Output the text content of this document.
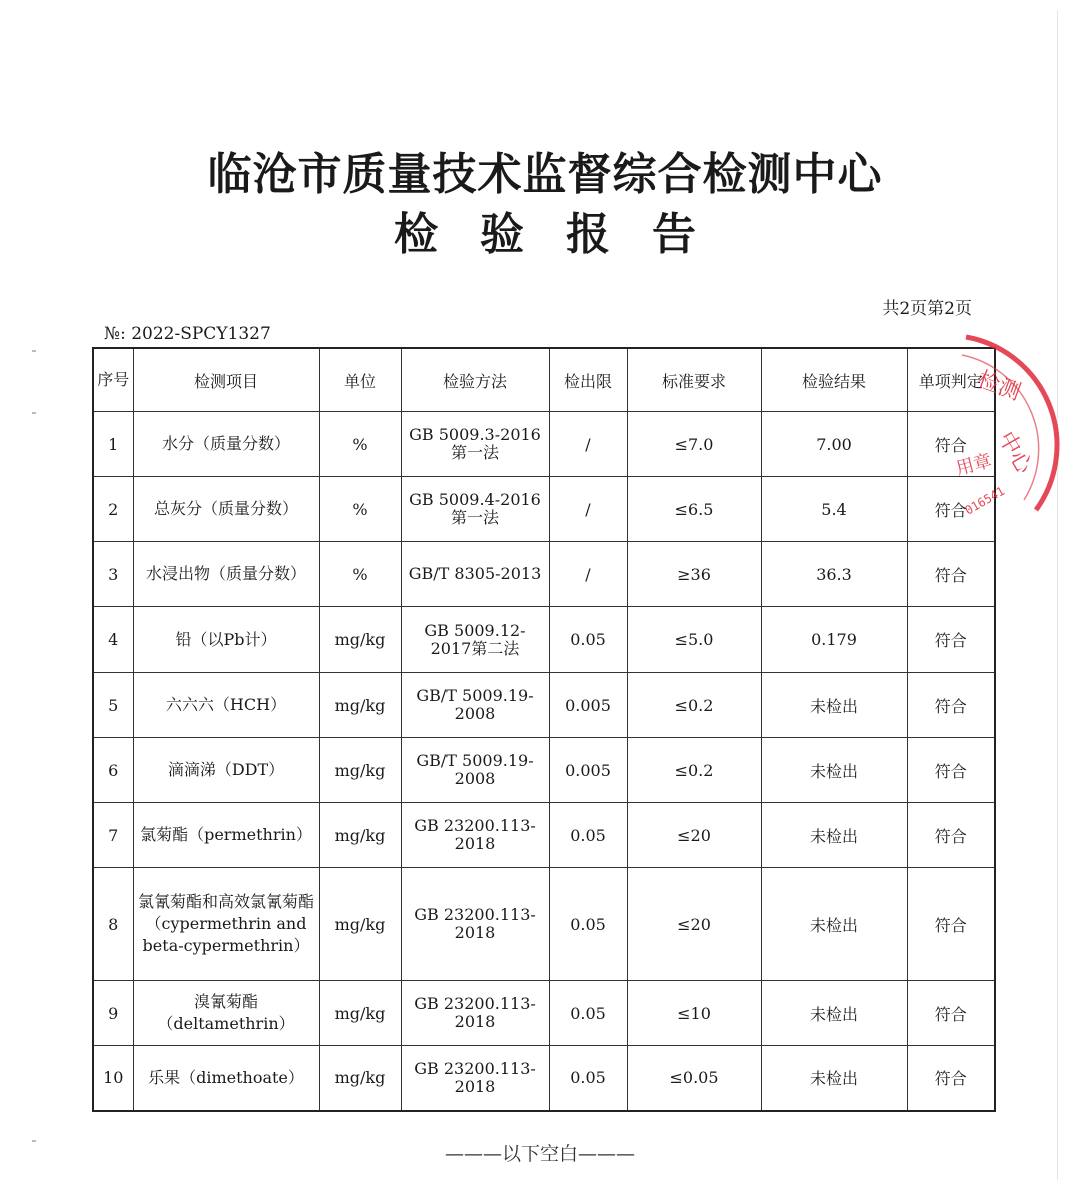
临沧市质量技术监督综合检测中心
检验报告
共2页第2页
№: 2022-SPCY1327
序号	检测项目	单位	检验方法	检出限	标准要求	检验结果	单项判定
1	水分（质量分数）	%	GB 5009.3-2016第一法	/	≤7.0	7.00	符合
2	总灰分（质量分数）	%	GB 5009.4-2016 第一法	/	≤6.5	5.4	符合
3	水浸出物（质量分数）	%	GB/T 8305-2013	/	≥36	36.3	符合
4	铅（以Pb计）	mg/kg	GB 5009.12-2017第二法	0.05	≤5.0	0.179	符合
5	六六六（HCH）	mg/kg	GB/T 5009.19-2008	0.005	≤0.2	未检出	符合
6	滴滴涕（DDT）	mg/kg	GB/T 5009.19-2008	0.005	≤0.2	未检出	符合
7	氯菊酯（permethrin）	mg/kg	GB 23200.113-2018	0.05	≤20	未检出	符合
8	氯氰菊酯和高效氯氰菊酯（cypermethrin and beta-cypermethrin）	mg/kg	GB 23200.113-2018	0.05	≤20	未检出	符合
9	溴氰菊酯（deltamethrin）	mg/kg	GB 23200.113-2018	0.05	≤10	未检出	符合
10	乐果（dimethoate）	mg/kg	GB 23200.113-2018	0.05	≤0.05	未检出	符合
检测
中心
用章
016541
———以下空白———
